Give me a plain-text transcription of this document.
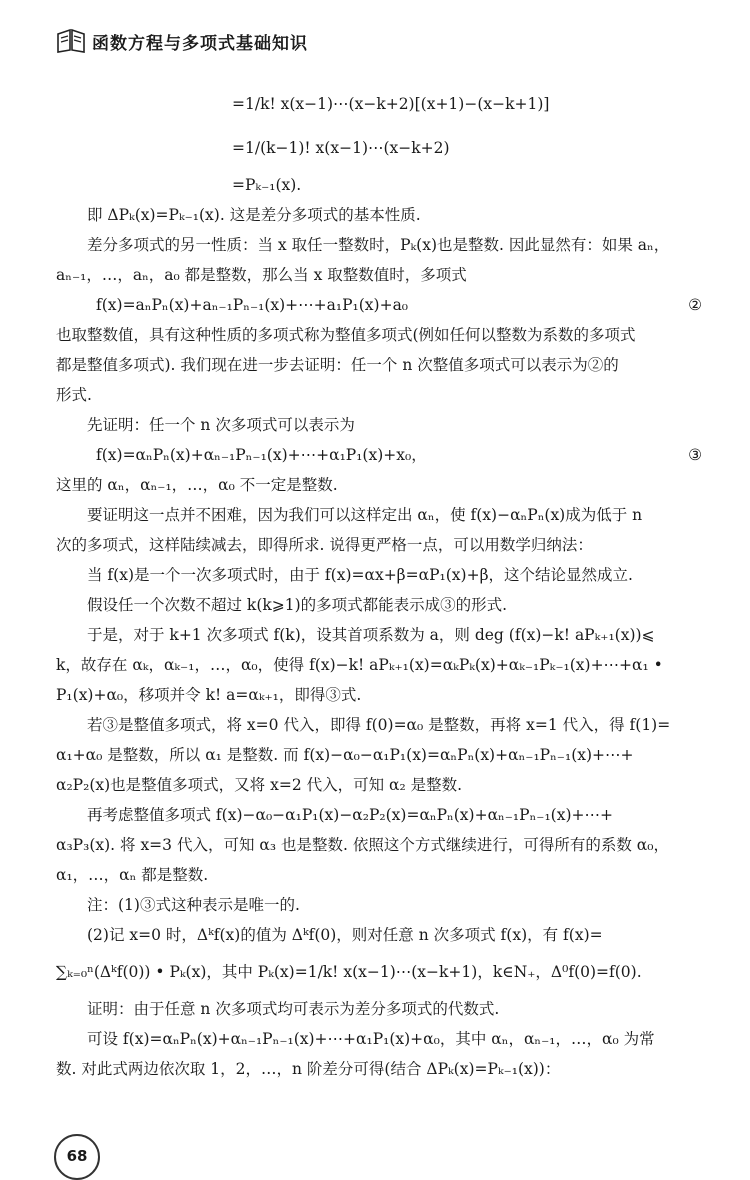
函数方程与多项式基础知识
=1/k! x(x−1)⋯(x−k+2)[(x+1)−(x−k+1)]
=1/(k−1)! x(x−1)⋯(x−k+2)
=Pₖ₋₁(x).
即 ΔPₖ(x)=Pₖ₋₁(x). 这是差分多项式的基本性质.
差分多项式的另一性质：当 x 取任一整数时，Pₖ(x)也是整数. 因此显然有：如果 aₙ，
aₙ₋₁，…，aₙ，a₀ 都是整数，那么当 x 取整数值时，多项式
f(x)=aₙPₙ(x)+aₙ₋₁Pₙ₋₁(x)+⋯+a₁P₁(x)+a₀	②
也取整数值，具有这种性质的多项式称为整值多项式(例如任何以整数为系数的多项式
都是整值多项式). 我们现在进一步去证明：任一个 n 次整值多项式可以表示为②的
形式.
先证明：任一个 n 次多项式可以表示为
f(x)=αₙPₙ(x)+αₙ₋₁Pₙ₋₁(x)+⋯+α₁P₁(x)+x₀，	③
这里的 αₙ，αₙ₋₁，…，α₀ 不一定是整数.
要证明这一点并不困难，因为我们可以这样定出 αₙ，使 f(x)−αₙPₙ(x)成为低于 n
次的多项式，这样陆续减去，即得所求. 说得更严格一点，可以用数学归纳法：
当 f(x)是一个一次多项式时，由于 f(x)=αx+β=αP₁(x)+β，这个结论显然成立.
假设任一个次数不超过 k(k⩾1)的多项式都能表示成③的形式.
于是，对于 k+1 次多项式 f(k)，设其首项系数为 a，则 deg (f(x)−k! aPₖ₊₁(x))⩽
k，故存在 αₖ，αₖ₋₁，…，α₀，使得 f(x)−k! aPₖ₊₁(x)=αₖPₖ(x)+αₖ₋₁Pₖ₋₁(x)+⋯+α₁ •
P₁(x)+α₀，移项并令 k! a=αₖ₊₁，即得③式.
若③是整值多项式，将 x=0 代入，即得 f(0)=α₀ 是整数，再将 x=1 代入，得 f(1)=
α₁+α₀ 是整数，所以 α₁ 是整数. 而 f(x)−α₀−α₁P₁(x)=αₙPₙ(x)+αₙ₋₁Pₙ₋₁(x)+⋯+
α₂P₂(x)也是整值多项式，又将 x=2 代入，可知 α₂ 是整数.
再考虑整值多项式 f(x)−α₀−α₁P₁(x)−α₂P₂(x)=αₙPₙ(x)+αₙ₋₁Pₙ₋₁(x)+⋯+
α₃P₃(x). 将 x=3 代入，可知 α₃ 也是整数. 依照这个方式继续进行，可得所有的系数 α₀，
α₁，…，αₙ 都是整数.
注：(1)③式这种表示是唯一的.
(2)记 x=0 时，Δᵏf(x)的值为 Δᵏf(0)，则对任意 n 次多项式 f(x)，有 f(x)=
∑ₖ₌₀ⁿ(Δᵏf(0)) • Pₖ(x)，其中 Pₖ(x)=1/k! x(x−1)⋯(x−k+1)，k∈N₊，Δ⁰f(0)=f(0).
证明：由于任意 n 次多项式均可表示为差分多项式的代数式.
可设 f(x)=αₙPₙ(x)+αₙ₋₁Pₙ₋₁(x)+⋯+α₁P₁(x)+α₀，其中 αₙ，αₙ₋₁，…，α₀ 为常
数. 对此式两边依次取 1，2，…，n 阶差分可得(结合 ΔPₖ(x)=Pₖ₋₁(x))：
68
